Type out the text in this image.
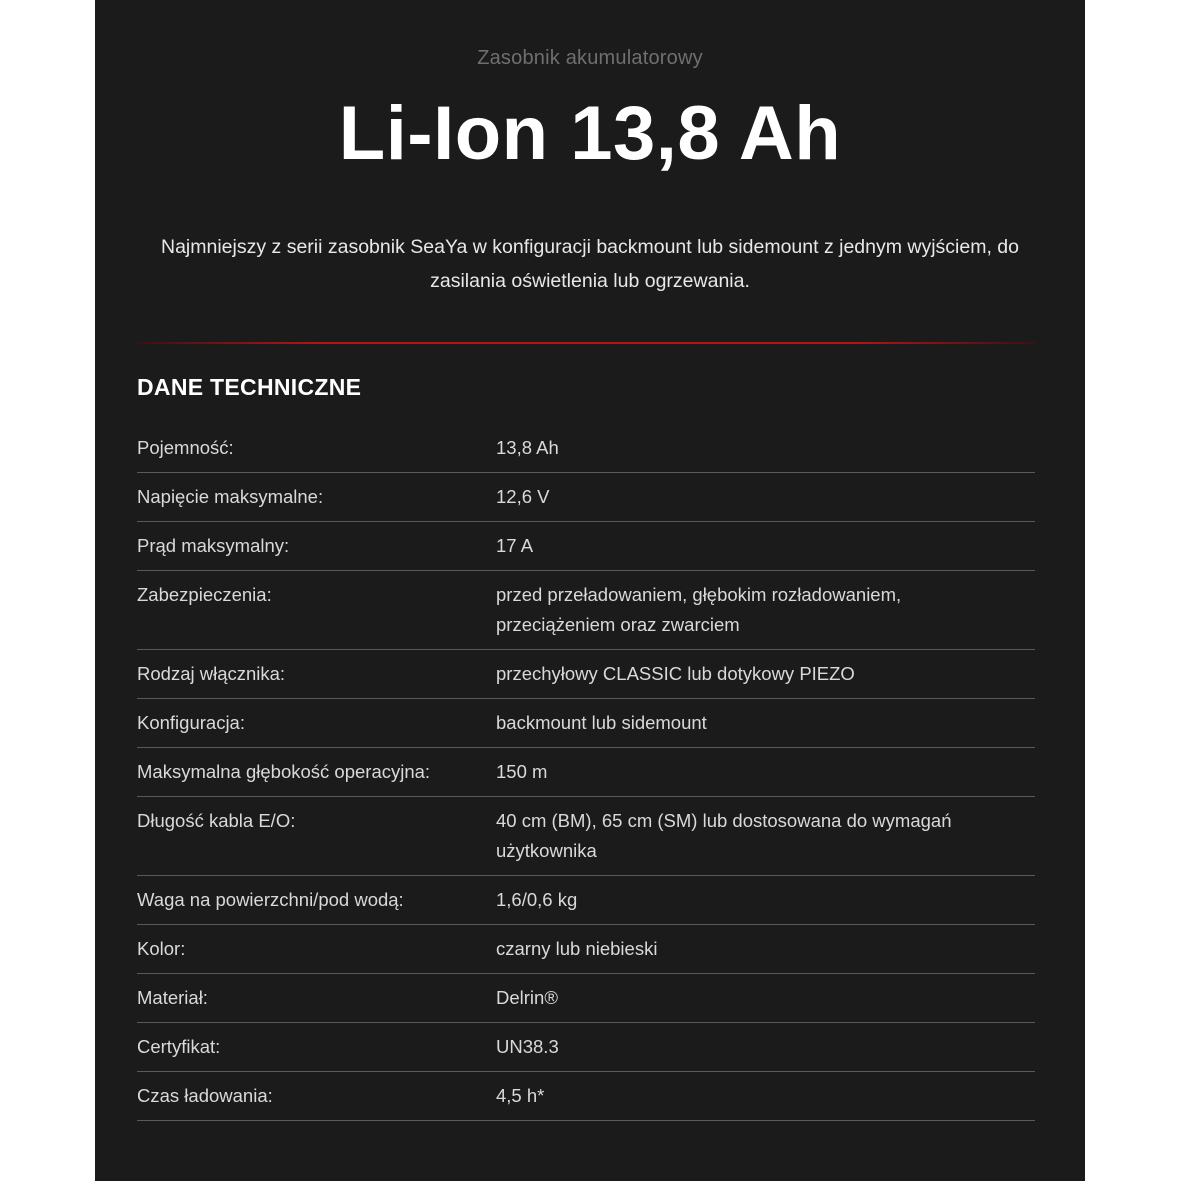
Zasobnik akumulatorowy
Li-Ion 13,8 Ah
Najmniejszy z serii zasobnik SeaYa w konfiguracji backmount lub sidemount z jednym wyjściem, do zasilania oświetlenia lub ogrzewania.
DANE TECHNICZNE
Pojemność:	13,8 Ah
Napięcie maksymalne:	12,6 V
Prąd maksymalny:	17 A
Zabezpieczenia:	przed przeładowaniem, głębokim rozładowaniem, przeciążeniem oraz zwarciem
Rodzaj włącznika:	przechyłowy CLASSIC lub dotykowy PIEZO
Konfiguracja:	backmount lub sidemount
Maksymalna głębokość operacyjna:	150 m
Długość kabla E/O:	40 cm (BM), 65 cm (SM) lub dostosowana do wymagań użytkownika
Waga na powierzchni/pod wodą:	1,6/0,6 kg
Kolor:	czarny lub niebieski
Materiał:	Delrin®
Certyfikat:	UN38.3
Czas ładowania:	4,5 h*
